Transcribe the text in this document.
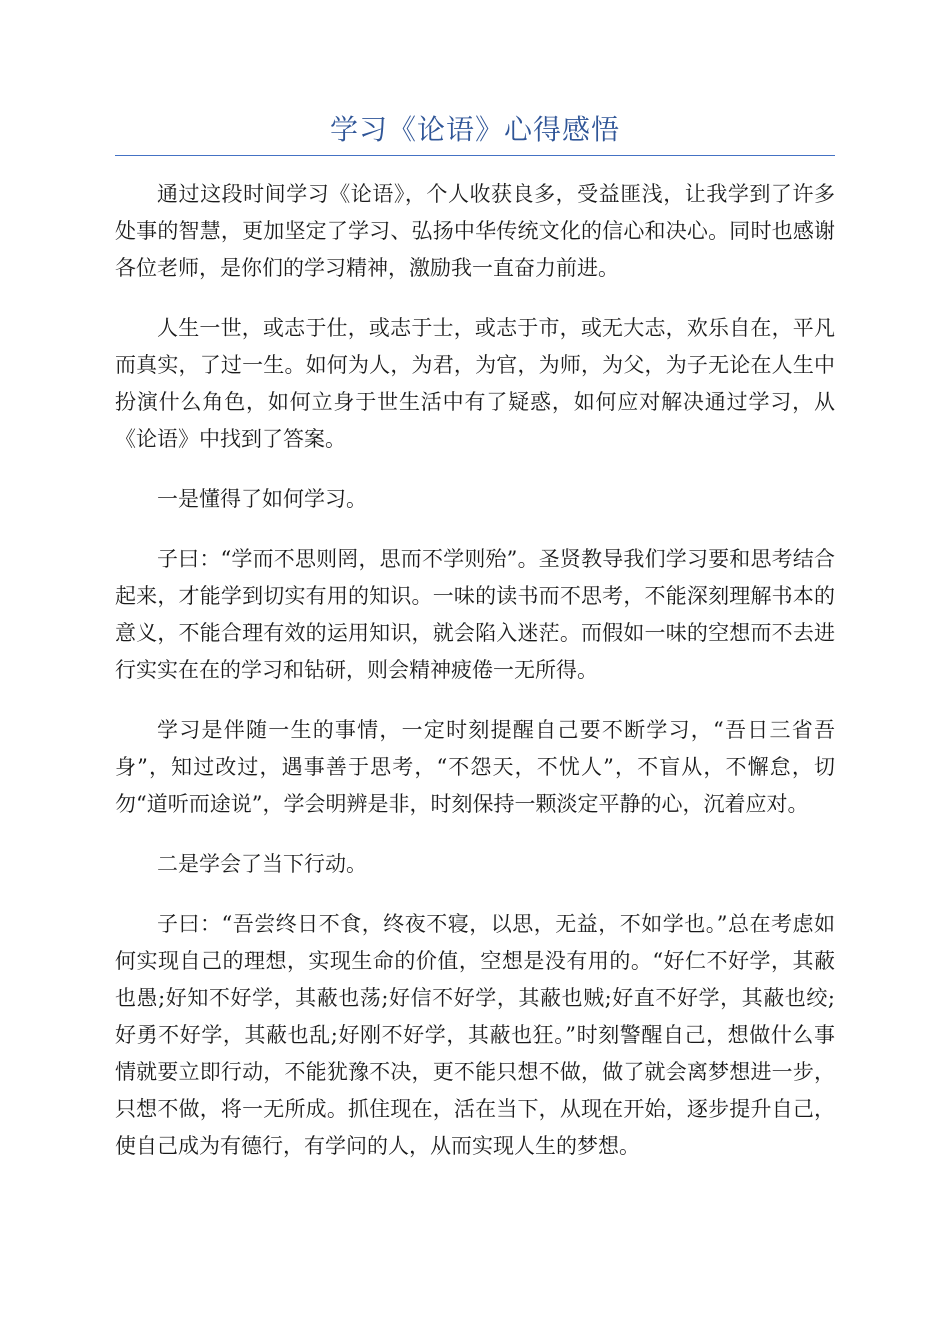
学习《论语》心得感悟

通过这段时间学习《论语》，个人收获良多，受益匪浅，让我学到了许多处事的智慧，更加坚定了学习、弘扬中华传统文化的信心和决心。同时也感谢各位老师，是你们的学习精神，激励我一直奋力前进。

人生一世，或志于仕，或志于士，或志于市，或无大志，欢乐自在，平凡而真实，了过一生。如何为人，为君，为官，为师，为父，为子无论在人生中扮演什么角色，如何立身于世生活中有了疑惑，如何应对解决通过学习，从《论语》中找到了答案。

一是懂得了如何学习。

子曰：“学而不思则罔，思而不学则殆”。圣贤教导我们学习要和思考结合起来，才能学到切实有用的知识。一味的读书而不思考，不能深刻理解书本的意义，不能合理有效的运用知识，就会陷入迷茫。而假如一味的空想而不去进行实实在在的学习和钻研，则会精神疲倦一无所得。

学习是伴随一生的事情，一定时刻提醒自己要不断学习，“吾日三省吾身”，知过改过，遇事善于思考，“不怨天，不忧人”，不盲从，不懈怠，切勿“道听而途说”，学会明辨是非，时刻保持一颗淡定平静的心，沉着应对。

二是学会了当下行动。

子曰：“吾尝终日不食，终夜不寝，以思，无益，不如学也。”总在考虑如何实现自己的理想，实现生命的价值，空想是没有用的。“好仁不好学，其蔽也愚;好知不好学，其蔽也荡;好信不好学，其蔽也贼;好直不好学，其蔽也绞;好勇不好学，其蔽也乱;好刚不好学，其蔽也狂。”时刻警醒自己，想做什么事情就要立即行动，不能犹豫不决，更不能只想不做，做了就会离梦想进一步，只想不做，将一无所成。抓住现在，活在当下，从现在开始，逐步提升自己，使自己成为有德行，有学问的人，从而实现人生的梦想。
